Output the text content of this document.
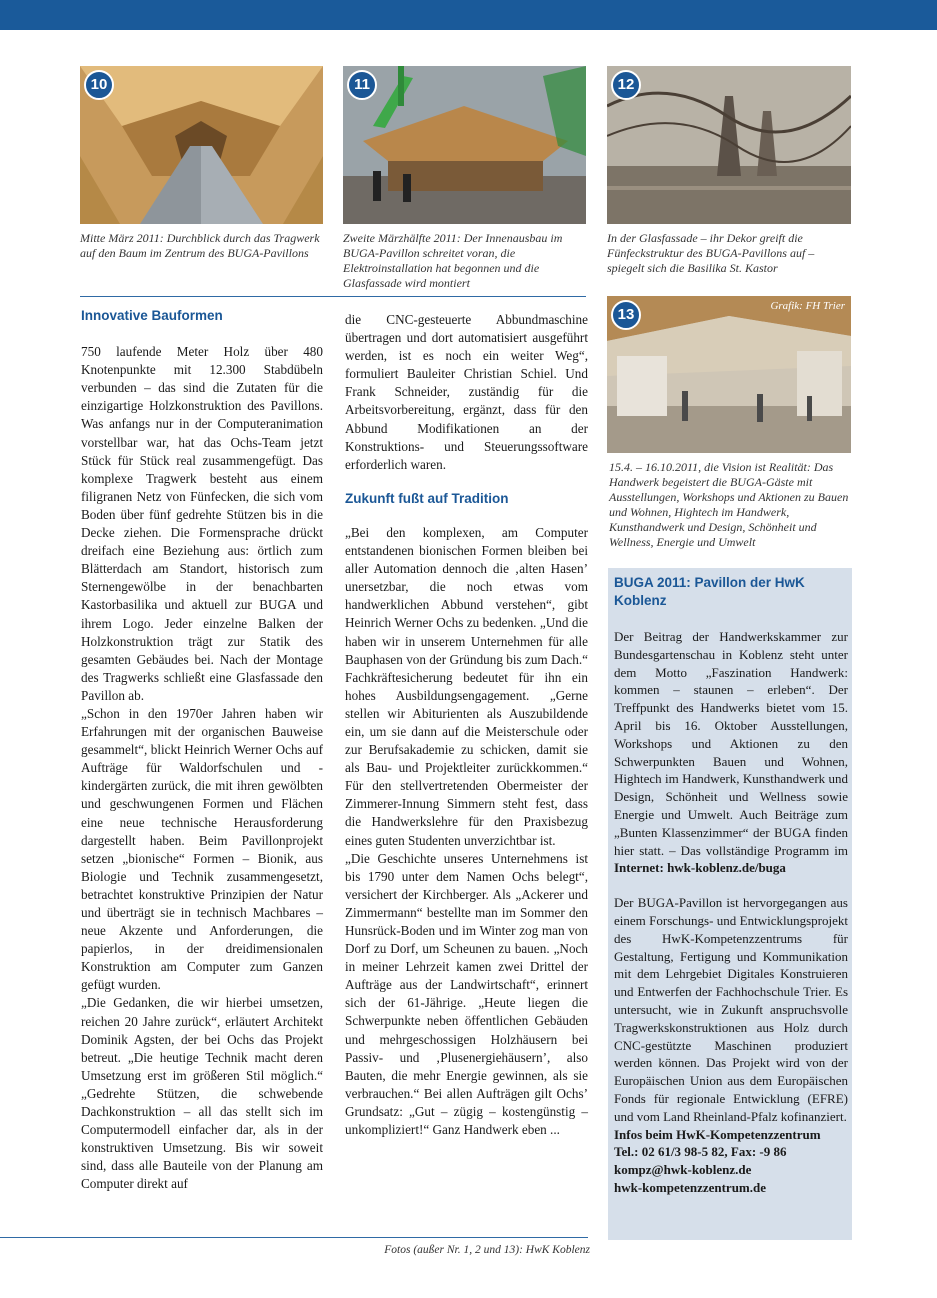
10
Mitte März 2011: Durchblick durch das Tragwerk auf den Baum im Zentrum des BUGA-Pavillons
11
Zweite Märzhälfte 2011: Der Innenausbau im BUGA-Pavillon schreitet voran, die Elektroinstallation hat begonnen und die Glasfassade wird montiert
12
In der Glasfassade – ihr Dekor greift die Fünfeckstruktur des BUGA-Pavillons auf – spiegelt sich die Basilika St. Kastor
13	Grafik: FH Trier
15.4. – 16.10.2011, die Vision ist Realität: Das Handwerk begeistert die BUGA-Gäste mit Ausstellungen, Workshops und Aktionen zu Bauen und Wohnen, Hightech im Handwerk, Kunsthandwerk und Design, Schönheit und Wellness, Energie und Umwelt

Innovative Bauformen

750 laufende Meter Holz über 480 Knotenpunkte mit 12.300 Stabdübeln verbunden – das sind die Zutaten für die einzigartige Holzkonstruktion des Pavillons. Was anfangs nur in der Computeranimation vorstellbar war, hat das Ochs-Team jetzt Stück für Stück real zusammengefügt. Das komplexe Tragwerk besteht aus einem filigranen Netz von Fünfecken, die sich vom Boden über fünf gedrehte Stützen bis in die Decke ziehen. Die Formensprache drückt dreifach eine Beziehung aus: örtlich zum Blätterdach am Standort, historisch zum Sternengewölbe in der benachbarten Kastorbasilika und aktuell zur BUGA und ihrem Logo. Jeder einzelne Balken der Holzkonstruktion trägt zur Statik des gesamten Gebäudes bei. Nach der Montage des Tragwerks schließt eine Glasfassade den Pavillon ab.

„Schon in den 1970er Jahren haben wir Erfahrungen mit der organischen Bauweise gesammelt“, blickt Heinrich Werner Ochs auf Aufträge für Waldorfschulen und -kindergärten zurück, die mit ihren gewölbten und geschwungenen Formen und Flächen eine neue technische Herausforderung dargestellt haben. Beim Pavillonprojekt setzen „bionische“ Formen – Bionik, aus Biologie und Technik zusammengesetzt, betrachtet konstruktive Prinzipien der Natur und überträgt sie in technisch Machbares – neue Akzente und Anforderungen, die papierlos, in der dreidimensionalen Konstruktion am Computer zum Ganzen gefügt wurden.

„Die Gedanken, die wir hierbei umsetzen, reichen 20 Jahre zurück“, erläutert Architekt Dominik Agsten, der bei Ochs das Projekt betreut. „Die heutige Technik macht deren Umsetzung erst im größeren Stil möglich.“ „Gedrehte Stützen, die schwebende Dachkonstruktion – all das stellt sich im Computermodell einfacher dar, als in der konstruktiven Umsetzung. Bis wir soweit sind, dass alle Bauteile von der Planung am Computer direkt auf

die CNC-gesteuerte Abbundmaschine übertragen und dort automatisiert ausgeführt werden, ist es noch ein weiter Weg“, formuliert Bauleiter Christian Schiel. Und Frank Schneider, zuständig für die Arbeitsvorbereitung, ergänzt, dass für den Abbund Modifikationen an der Konstruktions- und Steuerungssoftware erforderlich waren.

Zukunft fußt auf Tradition

„Bei den komplexen, am Computer entstandenen bionischen Formen bleiben bei aller Automation dennoch die ‚alten Hasen’ unersetzbar, die noch etwas vom handwerklichen Abbund verstehen“, gibt Heinrich Werner Ochs zu bedenken. „Und die haben wir in unserem Unternehmen für alle Bauphasen von der Gründung bis zum Dach.“ Fachkräftesicherung bedeutet für ihn ein hohes Ausbildungsengagement. „Gerne stellen wir Abiturienten als Auszubildende ein, um sie dann auf die Meisterschule oder zur Berufsakademie zu schicken, damit sie als Bau- und Projektleiter zurückkommen.“ Für den stellvertretenden Obermeister der Zimmerer-Innung Simmern steht fest, dass die Handwerkslehre für den Praxisbezug eines guten Studenten unverzichtbar ist.

„Die Geschichte unseres Unternehmens ist bis 1790 unter dem Namen Ochs belegt“, versichert der Kirchberger. Als „Ackerer und Zimmermann“ bestellte man im Sommer den Hunsrück-Boden und im Winter zog man von Dorf zu Dorf, um Scheunen zu bauen. „Noch in meiner Lehrzeit kamen zwei Drittel der Aufträge aus der Landwirtschaft“, erinnert sich der 61-Jährige. „Heute liegen die Schwerpunkte neben öffentlichen Gebäuden und mehrgeschossigen Holzhäusern bei Passiv- und ‚Plusenergiehäusern’, also Bauten, die mehr Energie gewinnen, als sie verbrauchen.“ Bei allen Aufträgen gilt Ochs’ Grundsatz: „Gut – zügig – kostengünstig – unkompliziert!“ Ganz Handwerk eben ...

BUGA 2011: Pavillon der HwK Koblenz

Der Beitrag der Handwerkskammer zur Bundesgartenschau in Koblenz steht unter dem Motto „Faszination Handwerk: kommen – staunen – erleben“. Der Treffpunkt des Handwerks bietet vom 15. April bis 16. Oktober Ausstellungen, Workshops und Aktionen zu den Schwerpunkten Bauen und Wohnen, Hightech im Handwerk, Kunsthandwerk und Design, Schönheit und Wellness sowie Energie und Umwelt. Auch Beiträge zum „Bunten Klassenzimmer“ der BUGA finden hier statt. – Das vollständige Programm im Internet: hwk-koblenz.de/buga

Der BUGA-Pavillon ist hervorgegangen aus einem Forschungs- und Entwicklungsprojekt des HwK-Kompetenzzentrums für Gestaltung, Fertigung und Kommunikation mit dem Lehrgebiet Digitales Konstruieren und Entwerfen der Fachhochschule Trier. Es untersucht, wie in Zukunft anspruchsvolle Tragwerkskonstruktionen aus Holz durch CNC-gestützte Maschinen produziert werden können. Das Projekt wird von der Europäischen Union aus dem Europäischen Fonds für regionale Entwicklung (EFRE) und vom Land Rheinland-Pfalz kofinanziert.

Infos beim HwK-Kompetenzzentrum

Tel.: 02 61/3 98-5 82, Fax: -9 86

kompz@hwk-koblenz.de

hwk-kompetenzzentrum.de

Fotos (außer Nr. 1, 2 und 13): HwK Koblenz
